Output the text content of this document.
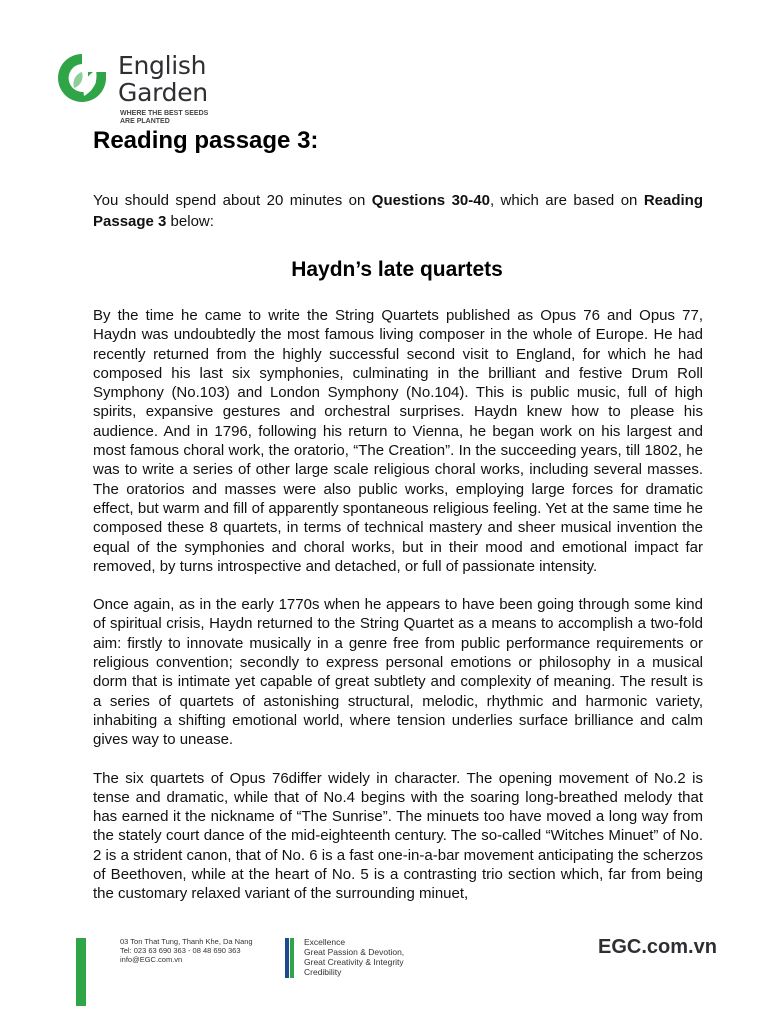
English
Garden
WHERE THE BEST SEEDS
ARE PLANTED
Reading passage 3:

You should spend about 20 minutes on Questions 30-40, which are based on Reading Passage 3 below:

Haydn’s late quartets

By the time he came to write the String Quartets published as Opus 76 and Opus 77, Haydn was undoubtedly the most famous living composer in the whole of Europe. He had recently returned from the highly successful second visit to England, for which he had composed his last six symphonies, culminating in the brilliant and festive Drum Roll Symphony (No.103) and London Symphony (No.104). This is public music, full of high spirits, expansive gestures and orchestral surprises. Haydn knew how to please his audience. And in 1796, following his return to Vienna, he began work on his largest and most famous choral work, the oratorio, “The Creation”. In the succeeding years, till 1802, he was to write a series of other large scale religious choral works, including several masses. The oratorios and masses were also public works, employing large forces for dramatic effect, but warm and fill of apparently spontaneous religious feeling. Yet at the same time he composed these 8 quartets, in terms of technical mastery and sheer musical invention the equal of the symphonies and choral works, but in their mood and emotional impact far removed, by turns introspective and detached, or full of passionate intensity.

Once again, as in the early 1770s when he appears to have been going through some kind of spiritual crisis, Haydn returned to the String Quartet as a means to accomplish a two-fold aim: firstly to innovate musically in a genre free from public performance requirements or religious convention; secondly to express personal emotions or philosophy in a musical dorm that is intimate yet capable of great subtlety and complexity of meaning. The result is a series of quartets of astonishing structural, melodic, rhythmic and harmonic variety, inhabiting a shifting emotional world, where tension underlies surface brilliance and calm gives way to unease.

The six quartets of Opus 76differ widely in character. The opening movement of No.2 is tense and dramatic, while that of No.4 begins with the soaring long-breathed melody that has earned it the nickname of “The Sunrise”. The minuets too have moved a long way from the stately court dance of the mid-eighteenth century. The so-called “Witches Minuet” of No. 2 is a strident canon, that of No. 6 is a fast one-in-a-bar movement anticipating the scherzos of Beethoven, while at the heart of No. 5 is a contrasting trio section which, far from being the customary relaxed variant of the surrounding minuet,

03 Ton That Tung, Thanh Khe, Da Nang
Tel: 023 63 690 363 - 08 48 690 363
info@EGC.com.vn
Excellence
Great Passion & Devotion,
Great Creativity & Integrity
Credibility
EGC.com.vn
